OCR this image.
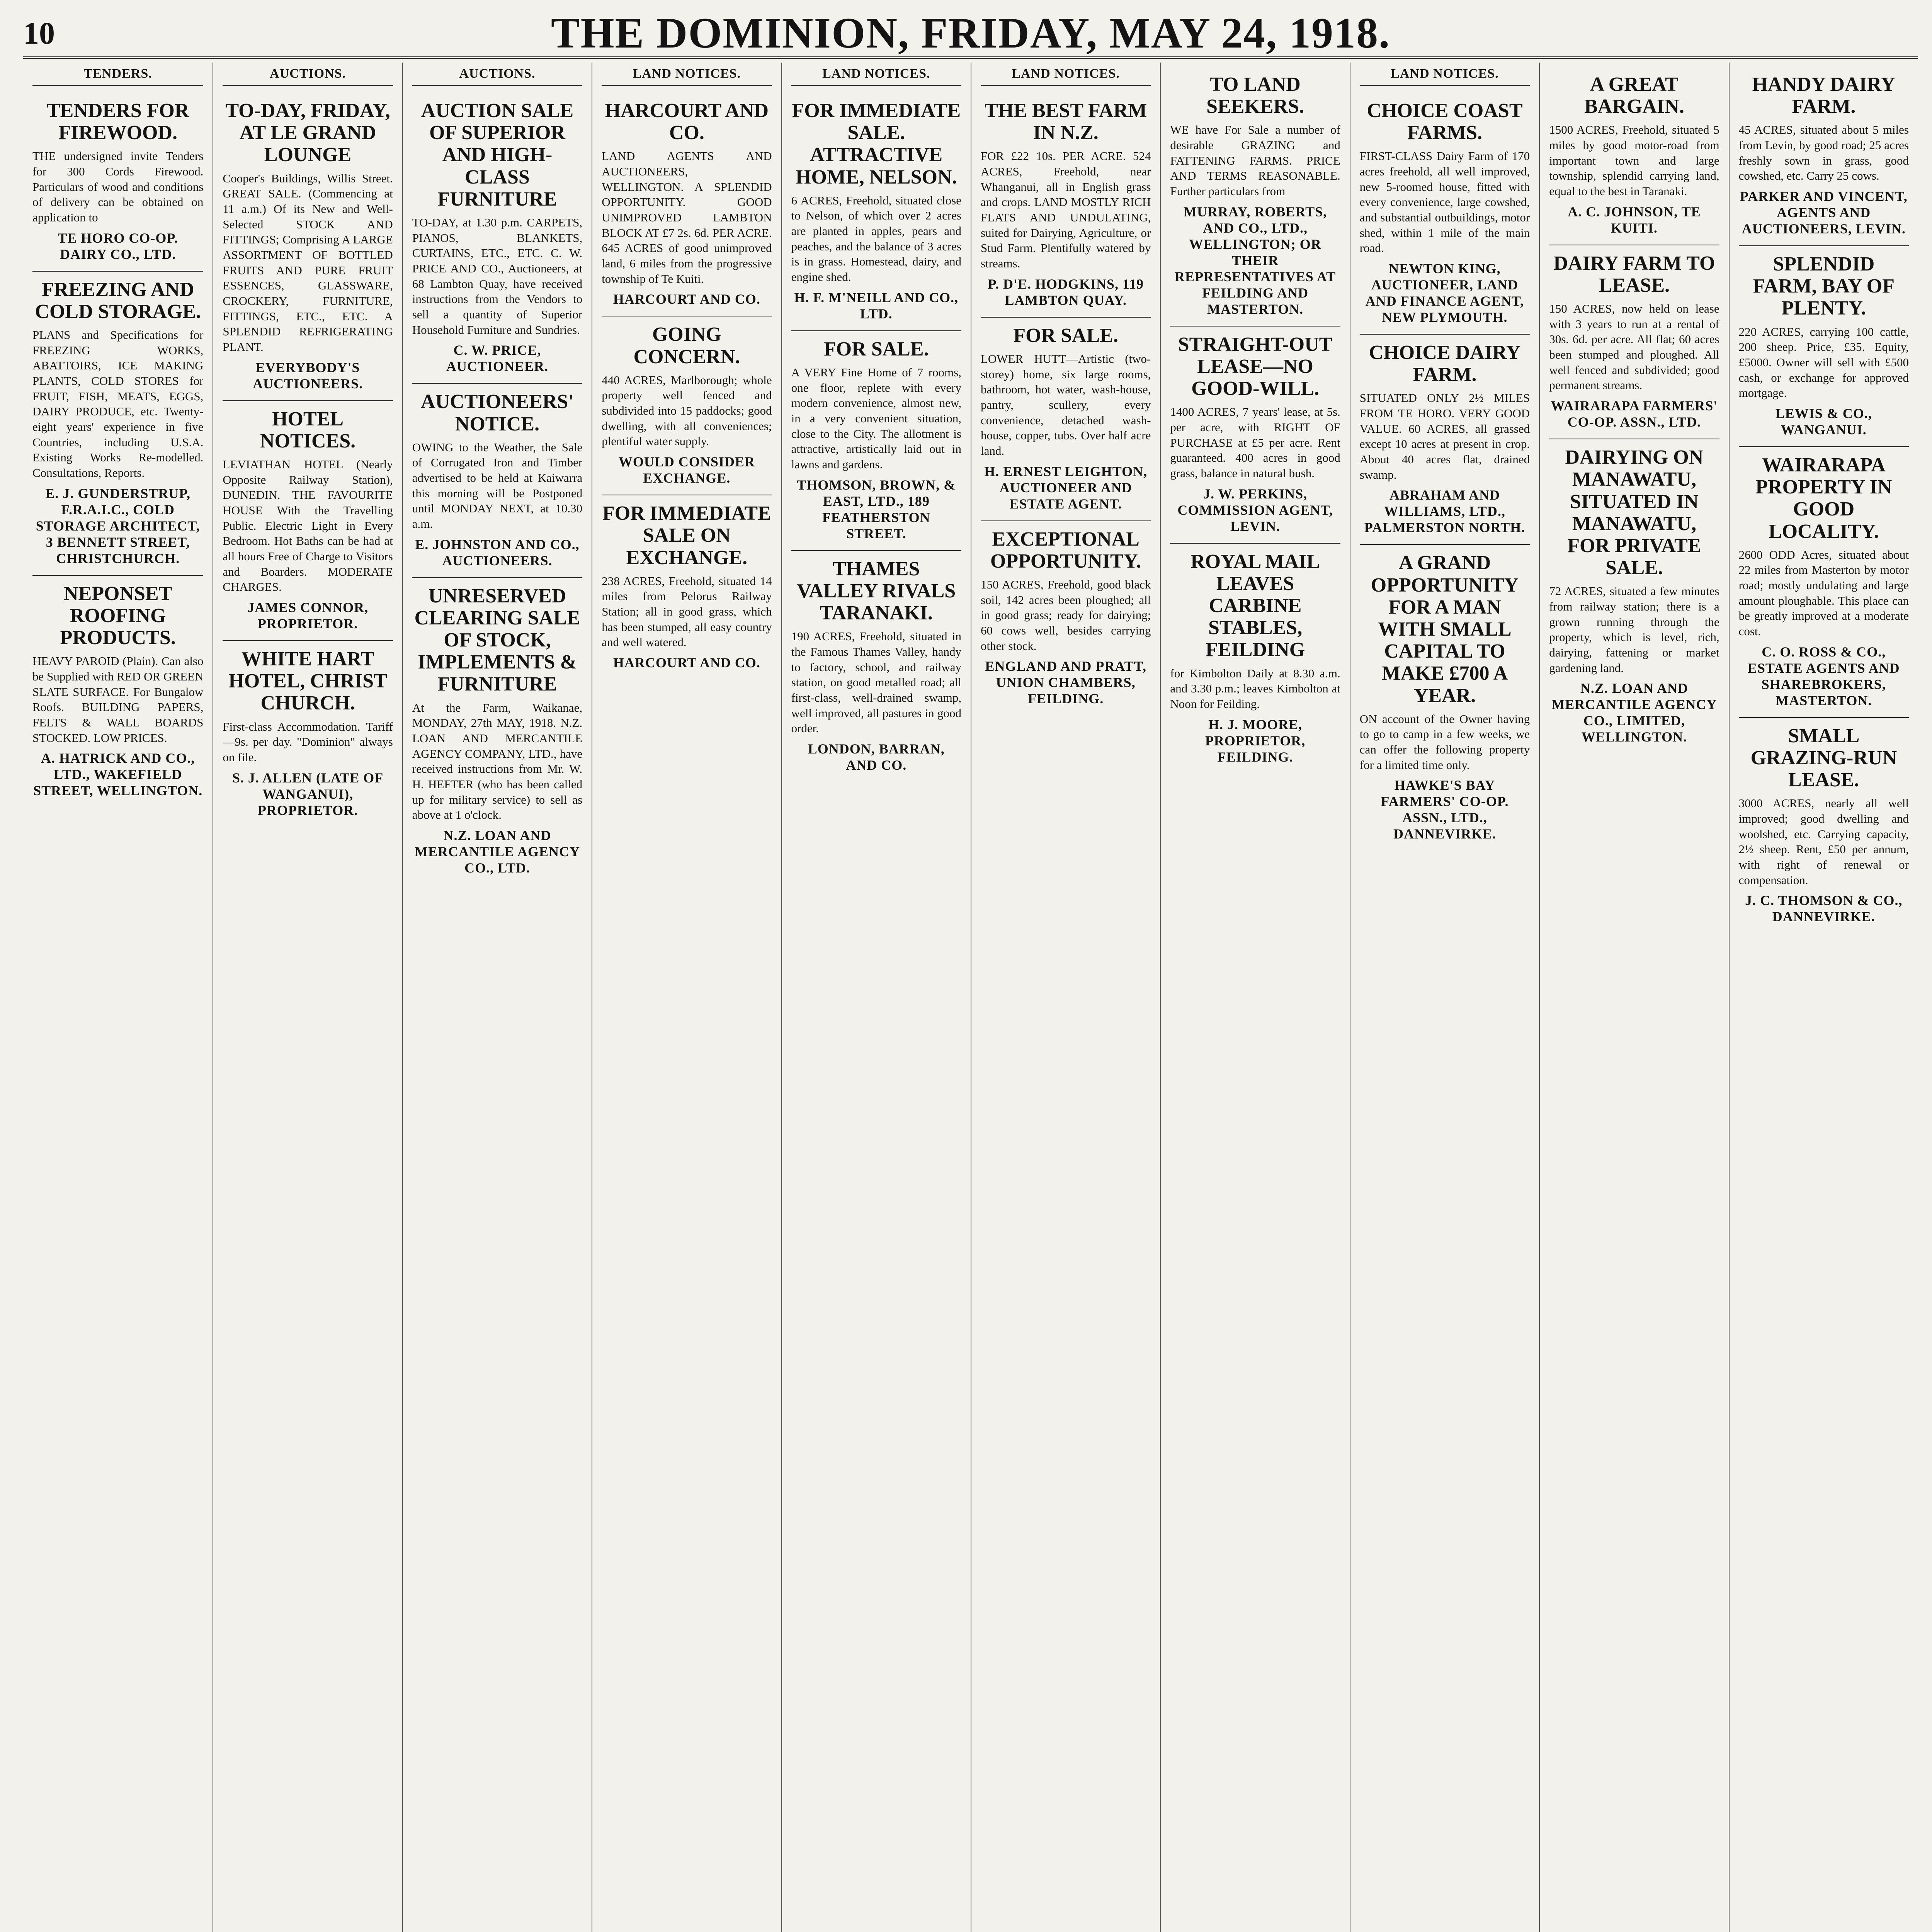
10	THE DOMINION, FRIDAY, MAY 24, 1918.
TENDERS.
TENDERS FOR FIREWOOD.
THE undersigned invite Tenders for 300 Cords Firewood. Particulars of wood and conditions of delivery can be obtained on application to
TE HORO CO-OP. DAIRY CO., LTD.
FREEZING AND COLD STORAGE.
PLANS and Specifications for FREEZING WORKS, ABATTOIRS, ICE MAKING PLANTS, COLD STORES for FRUIT, FISH, MEATS, EGGS, DAIRY PRODUCE, etc. Twenty-eight years' experience in five Countries, including U.S.A. Existing Works Re-modelled. Consultations, Reports.
E. J. GUNDERSTRUP, F.R.A.I.C., COLD STORAGE ARCHITECT, 3 BENNETT STREET, CHRISTCHURCH.
NEPONSET ROOFING PRODUCTS.
HEAVY PAROID (Plain). Can also be Supplied with RED OR GREEN SLATE SURFACE. For Bungalow Roofs. BUILDING PAPERS, FELTS & WALL BOARDS STOCKED. LOW PRICES.
A. HATRICK AND CO., LTD., WAKEFIELD STREET, WELLINGTON.
AUCTIONS.
TO-DAY, FRIDAY, AT LE GRAND LOUNGE
Cooper's Buildings, Willis Street. GREAT SALE. (Commencing at 11 a.m.) Of its New and Well-Selected STOCK AND FITTINGS; Comprising A LARGE ASSORTMENT OF BOTTLED FRUITS AND PURE FRUIT ESSENCES, GLASSWARE, CROCKERY, FURNITURE, FITTINGS, ETC., ETC. A SPLENDID REFRIGERATING PLANT.
EVERYBODY'S AUCTIONEERS.
HOTEL NOTICES.
LEVIATHAN HOTEL (Nearly Opposite Railway Station), DUNEDIN. THE FAVOURITE HOUSE With the Travelling Public. Electric Light in Every Bedroom. Hot Baths can be had at all hours Free of Charge to Visitors and Boarders. MODERATE CHARGES.
JAMES CONNOR, PROPRIETOR.
WHITE HART HOTEL, CHRIST CHURCH.
First-class Accommodation. Tariff—9s. per day. "Dominion" always on file.
S. J. ALLEN (LATE OF WANGANUI), PROPRIETOR.
AUCTIONS.
AUCTION SALE OF SUPERIOR AND HIGH-CLASS FURNITURE
TO-DAY, at 1.30 p.m. CARPETS, PIANOS, BLANKETS, CURTAINS, ETC., ETC. C. W. PRICE AND CO., Auctioneers, at 68 Lambton Quay, have received instructions from the Vendors to sell a quantity of Superior Household Furniture and Sundries.
C. W. PRICE, AUCTIONEER.
AUCTIONEERS' NOTICE.
OWING to the Weather, the Sale of Corrugated Iron and Timber advertised to be held at Kaiwarra this morning will be Postponed until MONDAY NEXT, at 10.30 a.m.
E. JOHNSTON AND CO., AUCTIONEERS.
UNRESERVED CLEARING SALE OF STOCK, IMPLEMENTS & FURNITURE
At the Farm, Waikanae, MONDAY, 27th MAY, 1918. N.Z. LOAN AND MERCANTILE AGENCY COMPANY, LTD., have received instructions from Mr. W. H. HEFTER (who has been called up for military service) to sell as above at 1 o'clock.
N.Z. LOAN AND MERCANTILE AGENCY CO., LTD.
LAND NOTICES.
HARCOURT AND CO.
LAND AGENTS AND AUCTIONEERS, WELLINGTON. A SPLENDID OPPORTUNITY. GOOD UNIMPROVED LAMBTON BLOCK AT £7 2s. 6d. PER ACRE. 645 ACRES of good unimproved land, 6 miles from the progressive township of Te Kuiti.
HARCOURT AND CO.
GOING CONCERN.
440 ACRES, Marlborough; whole property well fenced and subdivided into 15 paddocks; good dwelling, with all conveniences; plentiful water supply.
WOULD CONSIDER EXCHANGE.
FOR IMMEDIATE SALE ON EXCHANGE.
238 ACRES, Freehold, situated 14 miles from Pelorus Railway Station; all in good grass, which has been stumped, all easy country and well watered.
HARCOURT AND CO.
LAND NOTICES.
FOR IMMEDIATE SALE. ATTRACTIVE HOME, NELSON.
6 ACRES, Freehold, situated close to Nelson, of which over 2 acres are planted in apples, pears and peaches, and the balance of 3 acres is in grass. Homestead, dairy, and engine shed.
H. F. M'NEILL AND CO., LTD.
FOR SALE.
A VERY Fine Home of 7 rooms, one floor, replete with every modern convenience, almost new, in a very convenient situation, close to the City. The allotment is attractive, artistically laid out in lawns and gardens.
THOMSON, BROWN, & EAST, LTD., 189 FEATHERSTON STREET.
THAMES VALLEY RIVALS TARANAKI.
190 ACRES, Freehold, situated in the Famous Thames Valley, handy to factory, school, and railway station, on good metalled road; all first-class, well-drained swamp, well improved, all pastures in good order.
LONDON, BARRAN, AND CO.
LAND NOTICES.
THE BEST FARM IN N.Z.
FOR £22 10s. PER ACRE. 524 ACRES, Freehold, near Whanganui, all in English grass and crops. LAND MOSTLY RICH FLATS AND UNDULATING, suited for Dairying, Agriculture, or Stud Farm. Plentifully watered by streams.
P. D'E. HODGKINS, 119 LAMBTON QUAY.
FOR SALE.
LOWER HUTT—Artistic (two-storey) home, six large rooms, bathroom, hot water, wash-house, pantry, scullery, every convenience, detached wash-house, copper, tubs. Over half acre land.
H. ERNEST LEIGHTON, AUCTIONEER AND ESTATE AGENT.
EXCEPTIONAL OPPORTUNITY.
150 ACRES, Freehold, good black soil, 142 acres been ploughed; all in good grass; ready for dairying; 60 cows well, besides carrying other stock.
ENGLAND AND PRATT, UNION CHAMBERS, FEILDING.
TO LAND SEEKERS.
WE have For Sale a number of desirable GRAZING and FATTENING FARMS. PRICE AND TERMS REASONABLE. Further particulars from
MURRAY, ROBERTS, AND CO., LTD., WELLINGTON; OR THEIR REPRESENTATIVES AT FEILDING AND MASTERTON.
STRAIGHT-OUT LEASE—NO GOOD-WILL.
1400 ACRES, 7 years' lease, at 5s. per acre, with RIGHT OF PURCHASE at £5 per acre. Rent guaranteed. 400 acres in good grass, balance in natural bush.
J. W. PERKINS, COMMISSION AGENT, LEVIN.
ROYAL MAIL LEAVES CARBINE STABLES, FEILDING
for Kimbolton Daily at 8.30 a.m. and 3.30 p.m.; leaves Kimbolton at Noon for Feilding.
H. J. MOORE, PROPRIETOR, FEILDING.
LAND NOTICES.
CHOICE COAST FARMS.
FIRST-CLASS Dairy Farm of 170 acres freehold, all well improved, new 5-roomed house, fitted with every convenience, large cowshed, and substantial outbuildings, motor shed, within 1 mile of the main road.
NEWTON KING, AUCTIONEER, LAND AND FINANCE AGENT, NEW PLYMOUTH.
CHOICE DAIRY FARM.
SITUATED ONLY 2½ MILES FROM TE HORO. VERY GOOD VALUE. 60 ACRES, all grassed except 10 acres at present in crop. About 40 acres flat, drained swamp.
ABRAHAM AND WILLIAMS, LTD., PALMERSTON NORTH.
A GRAND OPPORTUNITY FOR A MAN WITH SMALL CAPITAL TO MAKE £700 A YEAR.
ON account of the Owner having to go to camp in a few weeks, we can offer the following property for a limited time only.
HAWKE'S BAY FARMERS' CO-OP. ASSN., LTD., DANNEVIRKE.
A GREAT BARGAIN.
1500 ACRES, Freehold, situated 5 miles by good motor-road from important town and large township, splendid carrying land, equal to the best in Taranaki.
A. C. JOHNSON, TE KUITI.
DAIRY FARM TO LEASE.
150 ACRES, now held on lease with 3 years to run at a rental of 30s. 6d. per acre. All flat; 60 acres been stumped and ploughed. All well fenced and subdivided; good permanent streams.
WAIRARAPA FARMERS' CO-OP. ASSN., LTD.
DAIRYING ON MANAWATU, SITUATED IN MANAWATU, FOR PRIVATE SALE.
72 ACRES, situated a few minutes from railway station; there is a grown running through the property, which is level, rich, dairying, fattening or market gardening land.
N.Z. LOAN AND MERCANTILE AGENCY CO., LIMITED, WELLINGTON.
HANDY DAIRY FARM.
45 ACRES, situated about 5 miles from Levin, by good road; 25 acres freshly sown in grass, good cowshed, etc. Carry 25 cows.
PARKER AND VINCENT, AGENTS AND AUCTIONEERS, LEVIN.
SPLENDID FARM, BAY OF PLENTY.
220 ACRES, carrying 100 cattle, 200 sheep. Price, £35. Equity, £5000. Owner will sell with £500 cash, or exchange for approved mortgage.
LEWIS & CO., WANGANUI.
WAIRARAPA PROPERTY IN GOOD LOCALITY.
2600 ODD Acres, situated about 22 miles from Masterton by motor road; mostly undulating and large amount ploughable. This place can be greatly improved at a moderate cost.
C. O. ROSS & CO., ESTATE AGENTS AND SHAREBROKERS, MASTERTON.
SMALL GRAZING-RUN LEASE.
3000 ACRES, nearly all well improved; good dwelling and woolshed, etc. Carrying capacity, 2½ sheep. Rent, £50 per annum, with right of renewal or compensation.
J. C. THOMSON & CO., DANNEVIRKE.
